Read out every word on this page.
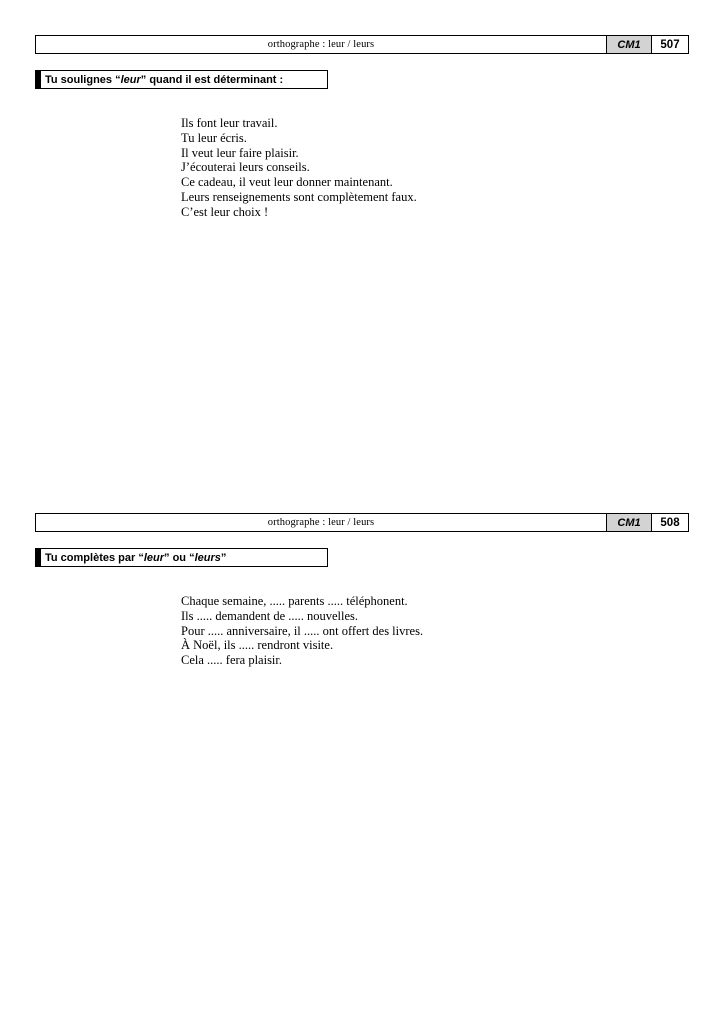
orthographe : leur / leurs	CM1	507
Tu soulignes “ leur ” quand il est déterminant :
Ils font leur travail.
Tu leur écris.
Il veut leur faire plaisir.
J’écouterai leurs conseils.
Ce cadeau, il veut leur donner maintenant.
Leurs renseignements sont complètement faux.
C’est leur choix !
orthographe : leur / leurs	CM1	508
Tu complètes par “ leur ” ou “ leurs ”
Chaque semaine, ..... parents ..... téléphonent.
Ils ..... demandent de ..... nouvelles.
Pour ..... anniversaire, il ..... ont offert des livres.
À Noël, ils ..... rendront visite.
Cela ..... fera plaisir.
